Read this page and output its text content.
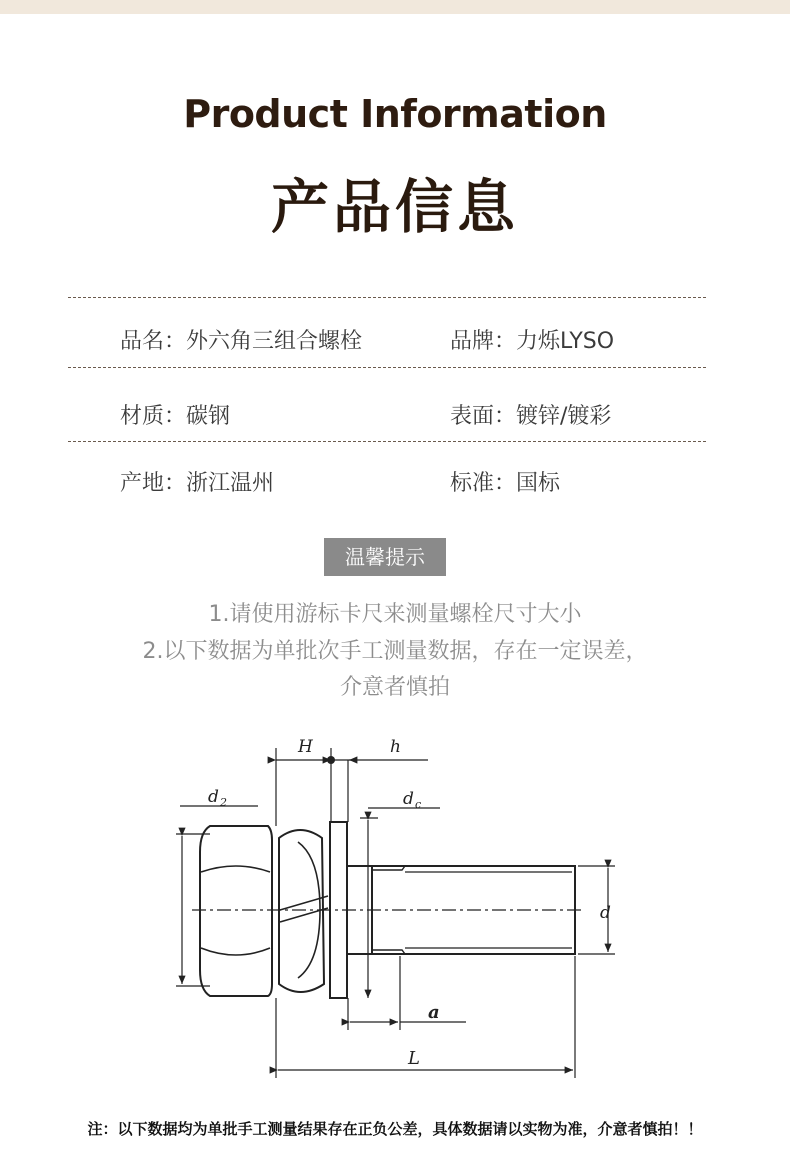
Product Information
产品信息
品名：外六角三组合螺栓	品牌：力烁LYSO
材质：碳钢	表面：镀锌/镀彩
产地：浙江温州	标准：国标
温馨提示
1.请使用游标卡尺来测量螺栓尺寸大小
2.以下数据为单批次手工测量数据，存在一定误差，
介意者慎拍
H	h
d 2	d c
d
a
L
注：以下数据均为单批手工测量结果存在正负公差，具体数据请以实物为准，介意者慎拍！！
